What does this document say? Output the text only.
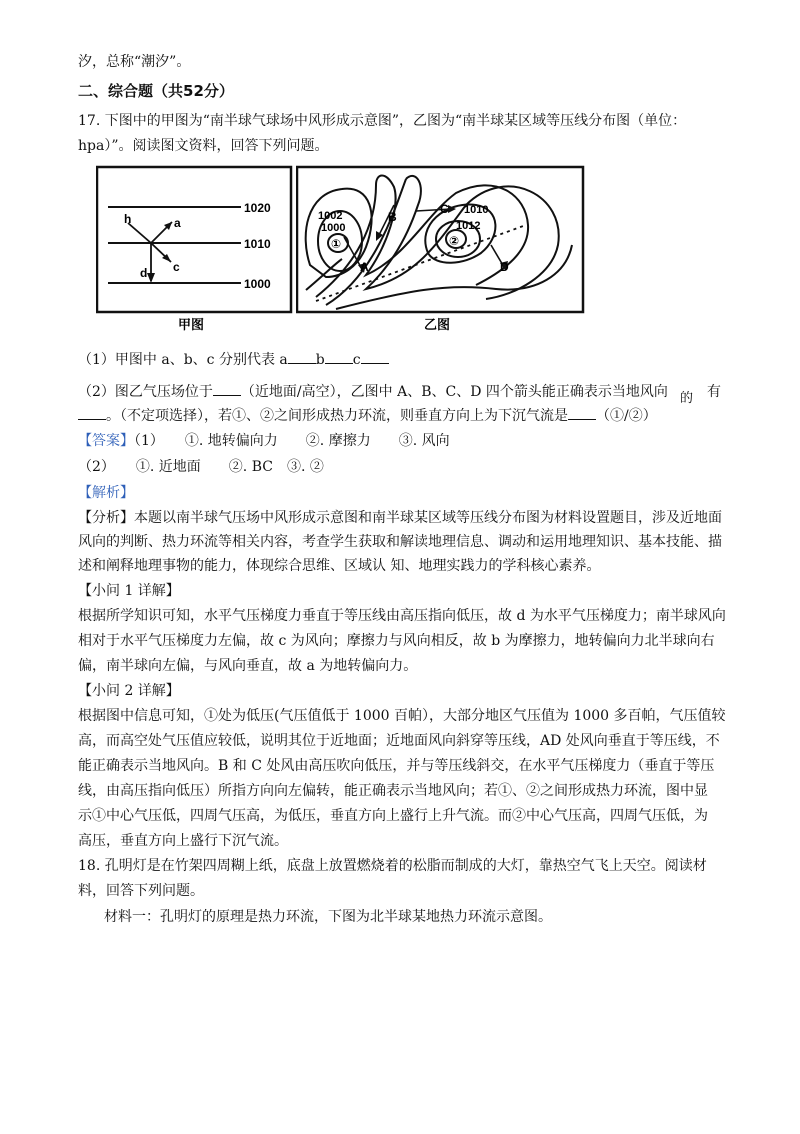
汐，总称“潮汐”。
二、综合题（共52分）
17. 下图中的甲图为“南半球气球场中风形成示意图”，乙图为“南半球某区域等压线分布图（单位：
hpa）”。阅读图文资料，回答下列问题。
1020
1010
1000
h	a
c
d
甲图
1002
1000
①
1010
1012
②
A
B
C
D
乙图
（1）甲图中 a、b、c 分别代表 a b c
（2）图乙气压场位于 （近地面/高空），乙图中 A、B、C、D 四个箭头能正确表示当地风向 的 有
。（不定项选择），若①、②之间形成热力环流，则垂直方向上为下沉气流是 （①/②）
【答案】（1）　　①. 地转偏向力　　②. 摩擦力　　③. 风向
（2）　　①. 近地面　　②. BC　③. ②
【解析】
【分析】本题以南半球气压场中风形成示意图和南半球某区域等压线分布图为材料设置题目，涉及近地面
风向的判断、热力环流等相关内容，考查学生获取和解读地理信息、调动和运用地理知识、基本技能、描
述和阐释地理事物的能力，体现综合思维、区域认 知、地理实践力的学科核心素养。
【小问 1 详解】
根据所学知识可知，水平气压梯度力垂直于等压线由高压指向低压，故 d 为水平气压梯度力；南半球风向
相对于水平气压梯度力左偏，故 c 为风向；摩擦力与风向相反，故 b 为摩擦力，地转偏向力北半球向右
偏，南半球向左偏，与风向垂直，故 a 为地转偏向力。
【小问 2 详解】
根据图中信息可知，①处为低压(气压值低于 1000 百帕），大部分地区气压值为 1000 多百帕，气压值较
高，而高空处气压值应较低，说明其位于近地面；近地面风向斜穿等压线，AD 处风向垂直于等压线，不
能正确表示当地风向。B 和 C 处风由高压吹向低压，并与等压线斜交，在水平气压梯度力（垂直于等压
线，由高压指向低压）所指方向向左偏转，能正确表示当地风向；若①、②之间形成热力环流，图中显
示①中心气压低，四周气压高，为低压，垂直方向上盛行上升气流。而②中心气压高，四周气压低，为
高压，垂直方向上盛行下沉气流。
18. 孔明灯是在竹架四周糊上纸，底盘上放置燃烧着的松脂而制成的大灯，靠热空气飞上天空。阅读材
料，回答下列问题。
材料一：孔明灯的原理是热力环流，下图为北半球某地热力环流示意图。
